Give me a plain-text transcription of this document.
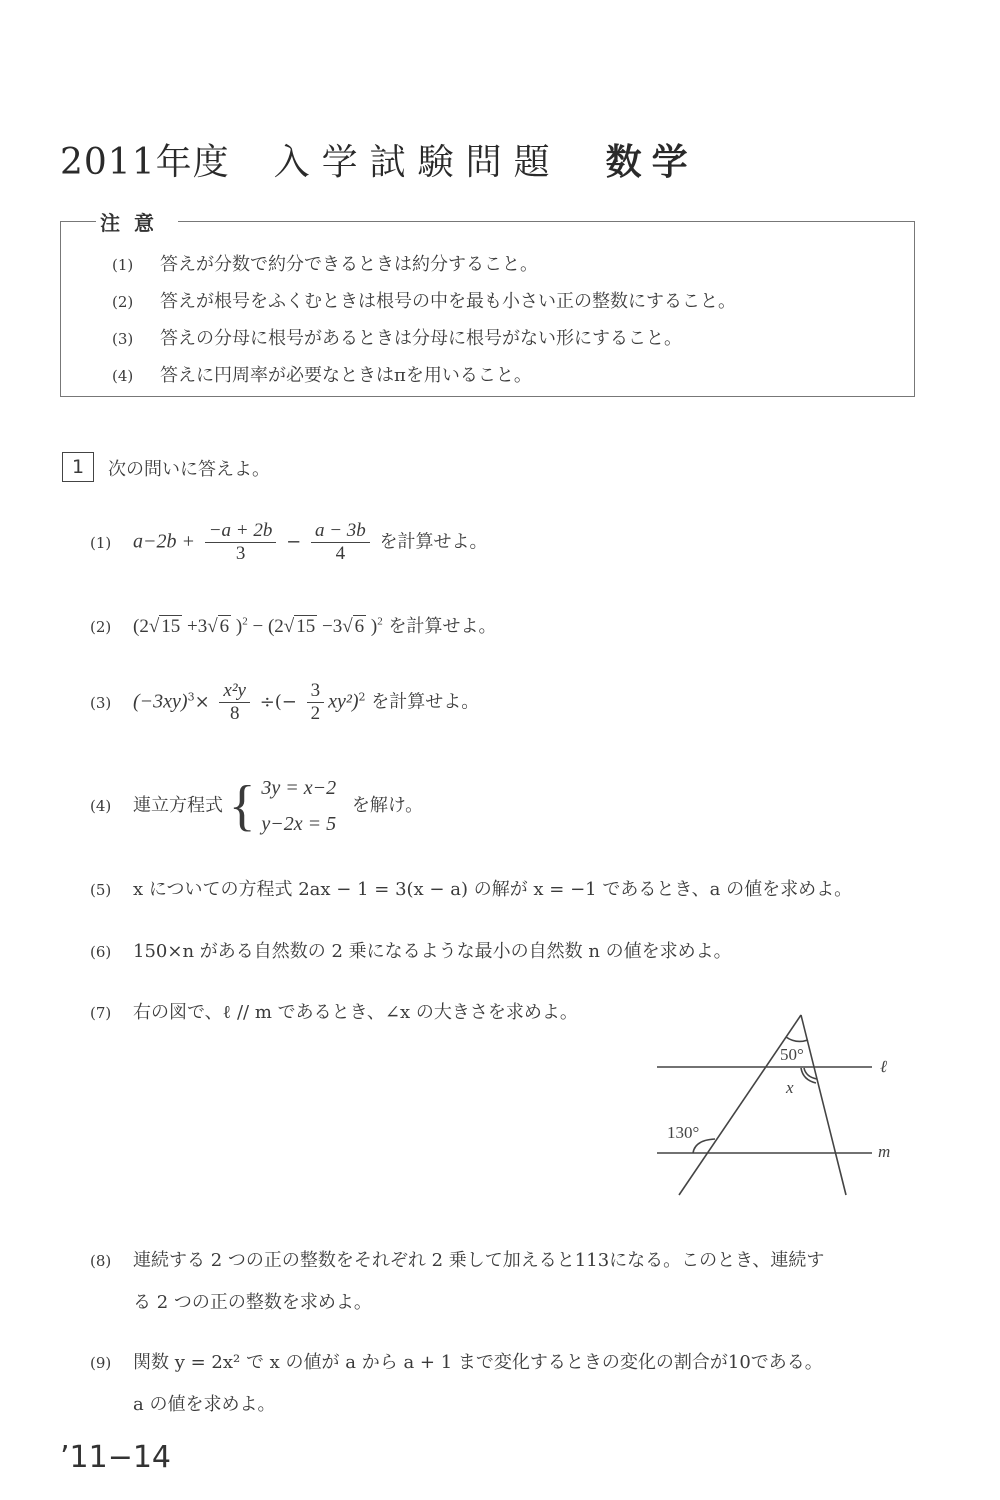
2011年度 入学試験問題 数学
注意
(1) 答えが分数で約分できるときは約分すること。
(2) 答えが根号をふくむときは根号の中を最も小さい正の整数にすること。
(3) 答えの分母に根号があるときは分母に根号がない形にすること。
(4) 答えに円周率が必要なときはπを用いること。
1	次の問いに答えよ。
(1) $a-2b + \frac{-a + 2b}{3} - \frac{a - 3b}{4}$ を計算せよ。
(2) (2√ 15 +3√ 6 )$^2$ − (2√ 15 −3√ 6 )$^2$ を計算せよ。
(3) $(-3xy)^3\times \frac{\text{x²y}}{8}$ ÷(− $\frac{3}{2} xy^2)^2$ を計算せよ。
(4) 連立方程式 { 3y = x−2
y−2x = 5
を解け。
(5) x についての方程式 2ax − 1 = 3(x − a) の解が x = −1 であるとき、a の値を求めよ。
(6) 150×n がある自然数の 2 乗になるような最小の自然数 n の値を求めよ。
(7) 右の図で、ℓ // m であるとき、∠x の大きさを求めよ。
50°
x
130°
ℓ
m
(8) 連続する 2 つの正の整数をそれぞれ 2 乗して加えると113になる。このとき、連続す
る 2 つの正の整数を求めよ。
(9) 関数 y = 2x² で x の値が a から a + 1 まで変化するときの変化の割合が10である。
a の値を求めよ。
’11−14
